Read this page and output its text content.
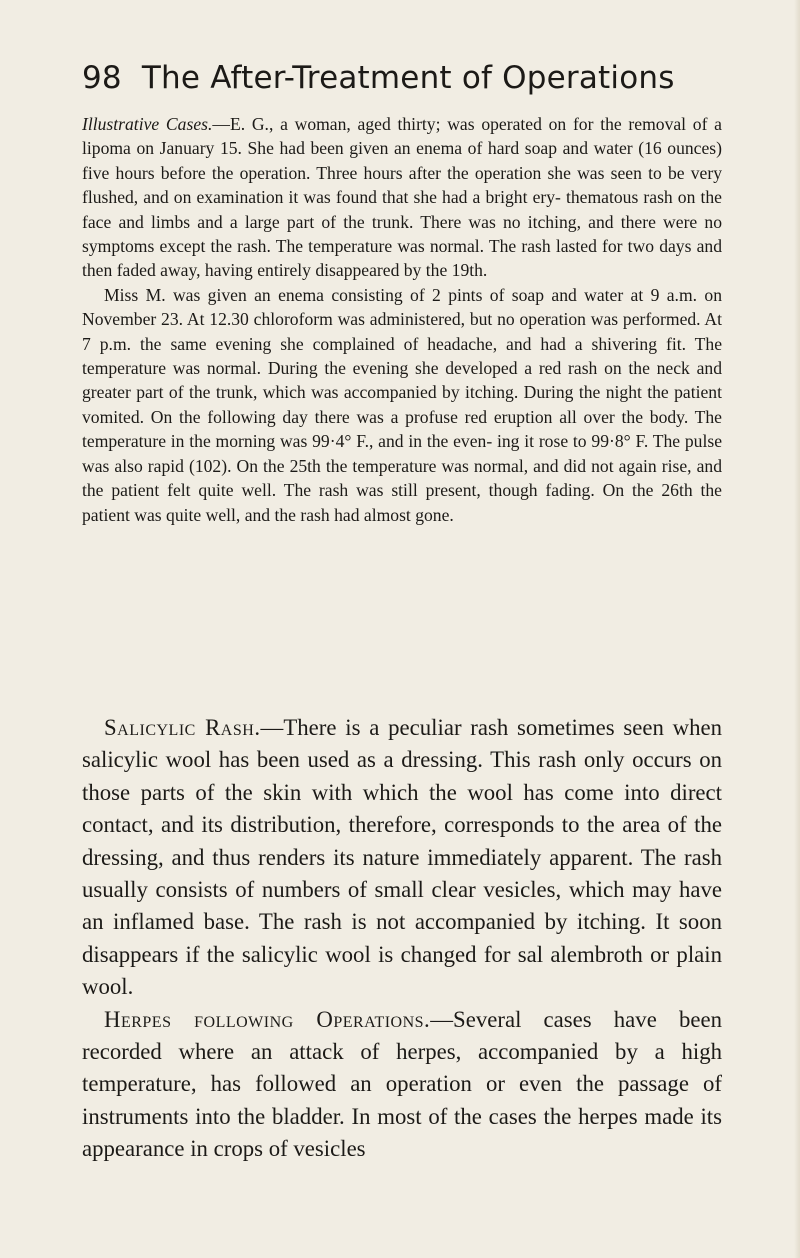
98 The After-Treatment of Operations

Illustrative Cases.—E. G., a woman, aged thirty; was operated on for the removal of a lipoma on January 15. She had been given an enema of hard soap and water (16 ounces) five hours before the operation. Three hours after the operation she was seen to be very flushed, and on examination it was found that she had a bright ery- thematous rash on the face and limbs and a large part of the trunk. There was no itching, and there were no symptoms except the rash. The temperature was normal. The rash lasted for two days and then faded away, having entirely disappeared by the 19th.

Miss M. was given an enema consisting of 2 pints of soap and water at 9 a.m. on November 23. At 12.30 chloroform was administered, but no operation was performed. At 7 p.m. the same evening she complained of headache, and had a shivering fit. The temperature was normal. During the evening she developed a red rash on the neck and greater part of the trunk, which was accompanied by itching. During the night the patient vomited. On the following day there was a profuse red eruption all over the body. The temperature in the morning was 99·4° F., and in the even- ing it rose to 99·8° F. The pulse was also rapid (102). On the 25th the temperature was normal, and did not again rise, and the patient felt quite well. The rash was still present, though fading. On the 26th the patient was quite well, and the rash had almost gone.

Salicylic Rash.—There is a peculiar rash sometimes seen when salicylic wool has been used as a dressing. This rash only occurs on those parts of the skin with which the wool has come into direct contact, and its distribution, therefore, corresponds to the area of the dressing, and thus renders its nature immediately apparent. The rash usually consists of numbers of small clear vesicles, which may have an inflamed base. The rash is not accompanied by itching. It soon disappears if the salicylic wool is changed for sal alembroth or plain wool.

Herpes following Operations.—Several cases have been recorded where an attack of herpes, accompanied by a high temperature, has followed an operation or even the passage of instruments into the bladder. In most of the cases the herpes made its appearance in crops of vesicles
